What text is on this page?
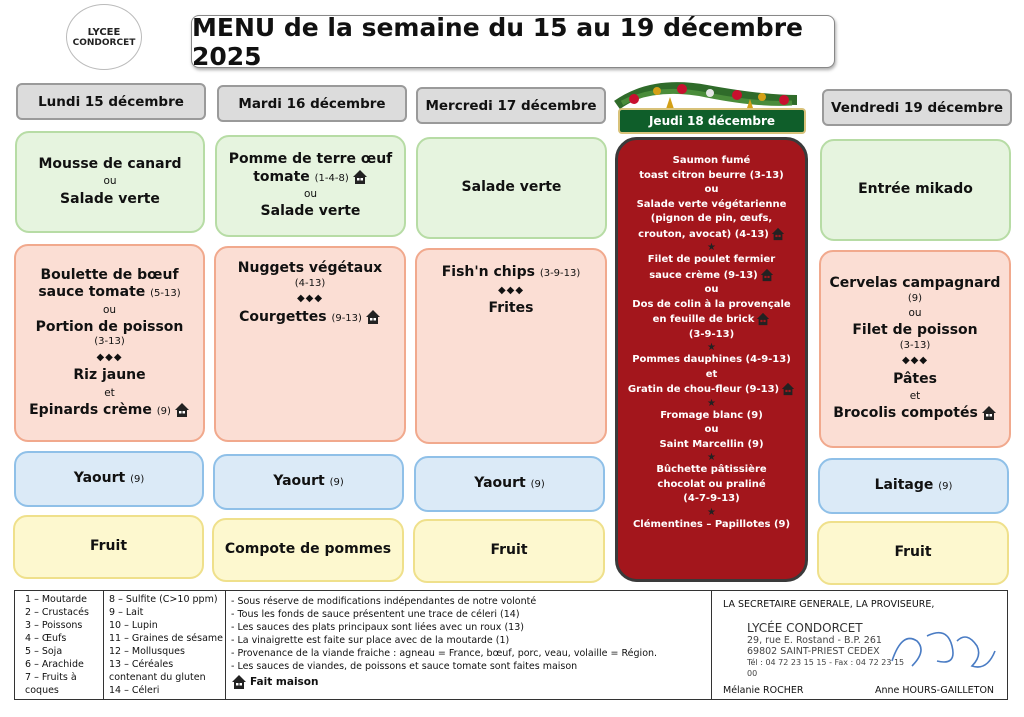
LYCEE
CONDORCET
MENU de la semaine du 15 au 19 décembre 2025
Lundi 15 décembre	Mardi 16 décembre	Mercredi 17 décembre	Vendredi 19 décembre
Jeudi 18 décembre
Mousse de canard
ou
Salade verte
Boulette de bœuf
sauce tomate (5-13)
ou
Portion de poisson
(3-13)
◆◆◆
Riz jaune
et
Epinards crème (9)
Yaourt (9)
Fruit
Pomme de terre œuf
tomate (1-4-8)
ou
Salade verte
Nuggets végétaux
(4-13)
◆◆◆
Courgettes (9-13)
Yaourt (9)
Compote de pommes
Salade verte
Fish'n chips (3-9-13)
◆◆◆
Frites
Yaourt (9)
Fruit
Saumon fumé
toast citron beurre (3-13)
ou
Salade verte végétarienne
(pignon de pin, œufs,
crouton, avocat) (4-13)
★
Filet de poulet fermier
sauce crème (9-13)
ou
Dos de colin à la provençale
en feuille de brick
(3-9-13)
★
Pommes dauphines (4-9-13)
et
Gratin de chou-fleur (9-13)
★
Fromage blanc (9)
ou
Saint Marcellin (9)
★
Bûchette pâtissière
chocolat ou praliné
(4-7-9-13)
★
Clémentines – Papillotes (9)
Entrée mikado
Cervelas campagnard
(9)
ou
Filet de poisson
(3-13)
◆◆◆
Pâtes
et
Brocolis compotés
Laitage (9)
Fruit
1 – Moutarde
2 – Crustacés
3 – Poissons
4 – Œufs
5 – Soja
6 – Arachide
7 – Fruits à
coques
8 – Sulfite (C>10 ppm)
9 – Lait
10 – Lupin
11 – Graines de sésame
12 – Mollusques
13 – Céréales
contenant du gluten
14 – Céleri
- Sous réserve de modifications indépendantes de notre volonté
- Tous les fonds de sauce présentent une trace de céleri (14)
- Les sauces des plats principaux sont liées avec un roux (13)
- La vinaigrette est faite sur place avec de la moutarde (1)
- Provenance de la viande fraiche : agneau = France, bœuf, porc, veau, volaille = Région.
- Les sauces de viandes, de poissons et sauce tomate sont faites maison
Fait maison
LA SECRETAIRE GENERALE, LA PROVISEURE,
LYCÉE CONDORCET
29, rue E. Rostand - B.P. 261
69802 SAINT-PRIEST CEDEX
Tél : 04 72 23 15 15 - Fax : 04 72 23 15 00
Mélanie ROCHER	Anne HOURS-GAILLETON
